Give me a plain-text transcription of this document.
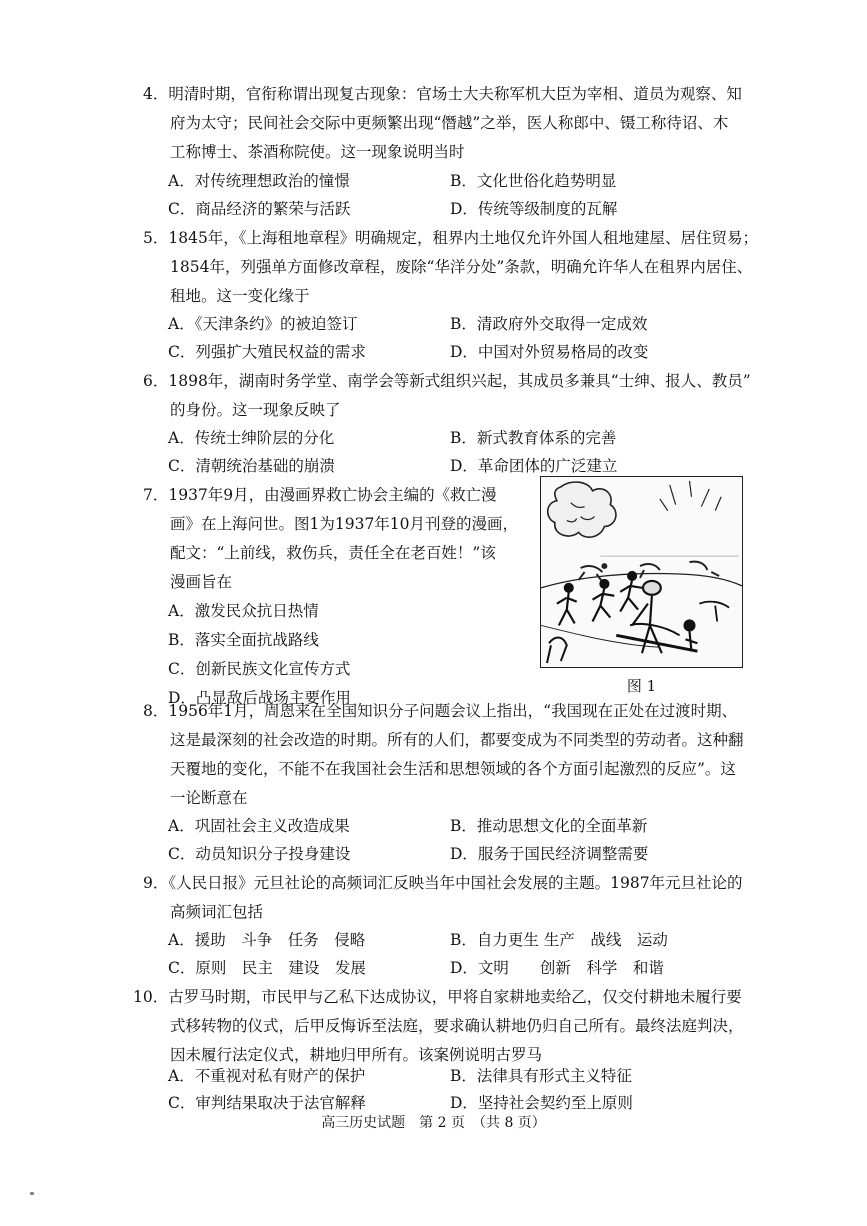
4．明清时期，官衔称谓出现复古现象：官场士大夫称军机大臣为宰相、道员为观察、知
府为太守；民间社会交际中更频繁出现“僭越”之举，医人称郎中、镊工称待诏、木
工称博士、茶酒称院使。这一现象说明当时
A．对传统理想政治的憧憬	B．文化世俗化趋势明显
C．商品经济的繁荣与活跃	D．传统等级制度的瓦解
5．1845年，《上海租地章程》明确规定，租界内土地仅允许外国人租地建屋、居住贸易；
1854年，列强单方面修改章程，废除“华洋分处”条款，明确允许华人在租界内居住、
租地。这一变化缘于
A．《天津条约》的被迫签订	B．清政府外交取得一定成效
C．列强扩大殖民权益的需求	D．中国对外贸易格局的改变
6．1898年，湖南时务学堂、南学会等新式组织兴起，其成员多兼具“士绅、报人、教员”
的身份。这一现象反映了
A．传统士绅阶层的分化	B．新式教育体系的完善
C．清朝统治基础的崩溃	D．革命团体的广泛建立
7．1937年9月，由漫画界救亡协会主编的《救亡漫
画》在上海问世。图1为1937年10月刊登的漫画，
配文：“上前线，救伤兵，责任全在老百姓！”该
漫画旨在
A．激发民众抗日热情
B．落实全面抗战路线
C．创新民族文化宣传方式
D．凸显敌后战场主要作用
图 1
8．1956年1月，周恩来在全国知识分子问题会议上指出，“我国现在正处在过渡时期、
这是最深刻的社会改造的时期。所有的人们，都要变成为不同类型的劳动者。这种翻
天覆地的变化，不能不在我国社会生活和思想领域的各个方面引起激烈的反应”。这
一论断意在
A．巩固社会主义改造成果	B．推动思想文化的全面革新
C．动员知识分子投身建设	D．服务于国民经济调整需要
9．《人民日报》元旦社论的高频词汇反映当年中国社会发展的主题。1987年元旦社论的
高频词汇包括
A．援助　斗争　任务　侵略	B．自力更生 生产　战线　运动
C．原则　民主　建设　发展	D．文明　　创新　科学　和谐
10．古罗马时期，市民甲与乙私下达成协议，甲将自家耕地卖给乙，仅交付耕地未履行要
式移转物的仪式，后甲反悔诉至法庭，要求确认耕地仍归自己所有。最终法庭判决，
因未履行法定仪式，耕地归甲所有。该案例说明古罗马
A．不重视对私有财产的保护	B．法律具有形式主义特征
C．审判结果取决于法官解释	D．坚持社会契约至上原则
高三历史试题　第 2 页　（共 8 页）
